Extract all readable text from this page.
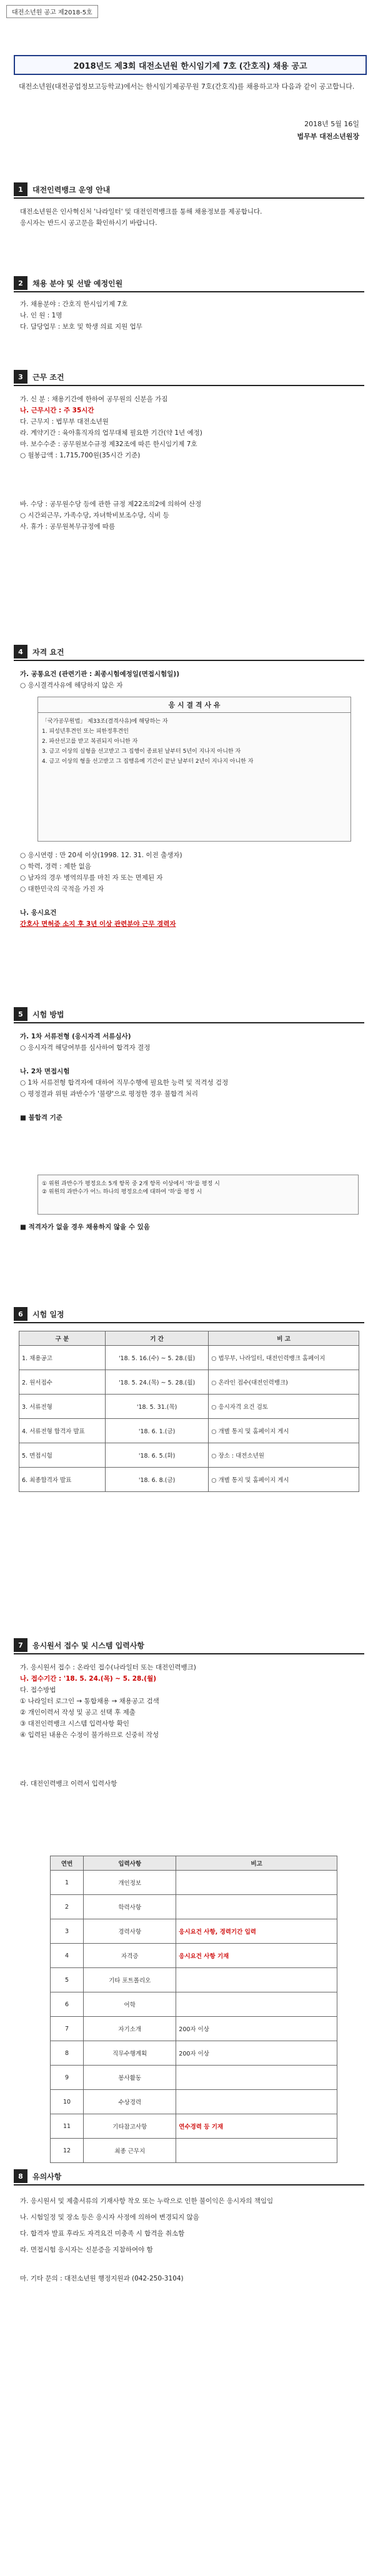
대전소년원 공고 제2018-5호
2018년도 제3회 대전소년원 한시임기제 7호 (간호직) 채용 공고
대전소년원(대전공업정보고등학교)에서는 한시임기제공무원 7호(간호직)를 채용하고자 다음과 같이 공고합니다.
2018년 5월 16일
법무부 대전소년원장
1	대전인력뱅크 운영 안내

대전소년원은 인사혁신처 '나라일터' 및 대전인력뱅크를 통해 채용정보를 제공합니다.

응시자는 반드시 공고문을 확인하시기 바랍니다.

2	채용 분야 및 선발 예정인원

가. 채용분야 : 간호직 한시임기제 7호

나. 인 원 : 1명

다. 담당업무 : 보호 및 학생 의료 지원 업무

3	근무 조건

가. 신 분 : 채용기간에 한하여 공무원의 신분을 가짐

나. 근무시간 : 주 35시간

다. 근무지 : 법무부 대전소년원

라. 계약기간 : 육아휴직자의 업무대체 필요한 기간(약 1년 예정)

마. 보수수준 : 공무원보수규정 제32조에 따른 한시임기제 7호

○ 월봉급액 : 1,715,700원(35시간 기준)

바. 수당 : 공무원수당 등에 관한 규정 제22조의2에 의하여 산정

○ 시간외근무, 가족수당, 자녀학비보조수당, 식비 등

사. 휴가 : 공무원복무규정에 따름

4	자격 요건

가. 공통요건 (관련기관 : 최종시험예정일(면접시험일))

○ 응시결격사유에 해당하지 않은 자

응 시 결 격 사 유

「국가공무원법」 제33조(결격사유)에 해당하는 자

1. 피성년후견인 또는 피한정후견인

2. 파산선고를 받고 복권되지 아니한 자

3. 금고 이상의 실형을 선고받고 그 집행이 종료된 날부터 5년이 지나지 아니한 자

4. 금고 이상의 형을 선고받고 그 집행유예 기간이 끝난 날부터 2년이 지나지 아니한 자

○ 응시연령 : 만 20세 이상(1998. 12. 31. 이전 출생자)

○ 학력, 경력 : 제한 없음

○ 남자의 경우 병역의무를 마친 자 또는 면제된 자

○ 대한민국의 국적을 가진 자

나. 응시요건

간호사 면허증 소지 후 3년 이상 관련분야 근무 경력자

5	시험 방법

가. 1차 서류전형 (응시자격 서류심사)

○ 응시자격 해당여부를 심사하여 합격자 결정

나. 2차 면접시험

○ 1차 서류전형 합격자에 대하여 직무수행에 필요한 능력 및 적격성 검정

○ 평정결과 위원 과반수가 '불량'으로 평정한 경우 불합격 처리

■ 불합격 기준

① 위원 과반수가 평정요소 5개 항목 중 2개 항목 이상에서 '하'를 평정 시

② 위원의 과반수가 어느 하나의 평정요소에 대하여 '하'를 평정 시

■ 적격자가 없을 경우 채용하지 않을 수 있음

6	시험 일정
구 분	기 간	비 고
1. 채용공고	'18. 5. 16.(수) ~ 5. 28.(월)	○ 법무부, 나라일터, 대전인력뱅크 홈페이지
2. 원서접수	'18. 5. 24.(목) ~ 5. 28.(월)	○ 온라인 접수(대전인력뱅크)
3. 서류전형	'18. 5. 31.(목)	○ 응시자격 요건 검토
4. 서류전형 합격자 발표	'18. 6. 1.(금)	○ 개별 통지 및 홈페이지 게시
5. 면접시험	'18. 6. 5.(화)	○ 장소 : 대전소년원
6. 최종합격자 발표	'18. 6. 8.(금)	○ 개별 통지 및 홈페이지 게시
7	응시원서 접수 및 시스템 입력사항

가. 응시원서 접수 : 온라인 접수(나라일터 또는 대전인력뱅크)

나. 접수기간 : '18. 5. 24.(목) ~ 5. 28.(월)

다. 접수방법

① 나라일터 로그인 → 통합채용 → 채용공고 검색

② 개인이력서 작성 및 공고 선택 후 제출

③ 대전인력뱅크 시스템 입력사항 확인

④ 입력된 내용은 수정이 불가하므로 신중히 작성

라. 대전인력뱅크 이력서 입력사항

연번	입력사항	비고
1	개인정보	
2	학력사항	
3	경력사항	응시요건 사항, 경력기간 입력
4	자격증	응시요건 사항 기재
5	기타 포트폴리오	
6	어학	
7	자기소개	200자 이상
8	직무수행계획	200자 이상
9	봉사활동	
10	수상경력	
11	기타참고사항	연수경력 등 기재
12	최종 근무지	
8	유의사항

가. 응시원서 및 제출서류의 기재사항 착오 또는 누락으로 인한 불이익은 응시자의 책임임

나. 시험일정 및 장소 등은 응시자 사정에 의하여 변경되지 않음

다. 합격자 발표 후라도 자격요건 미충족 시 합격을 취소함

라. 면접시험 응시자는 신분증을 지참하여야 함

마. 기타 문의 : 대전소년원 행정지원과 (042-250-3104)
